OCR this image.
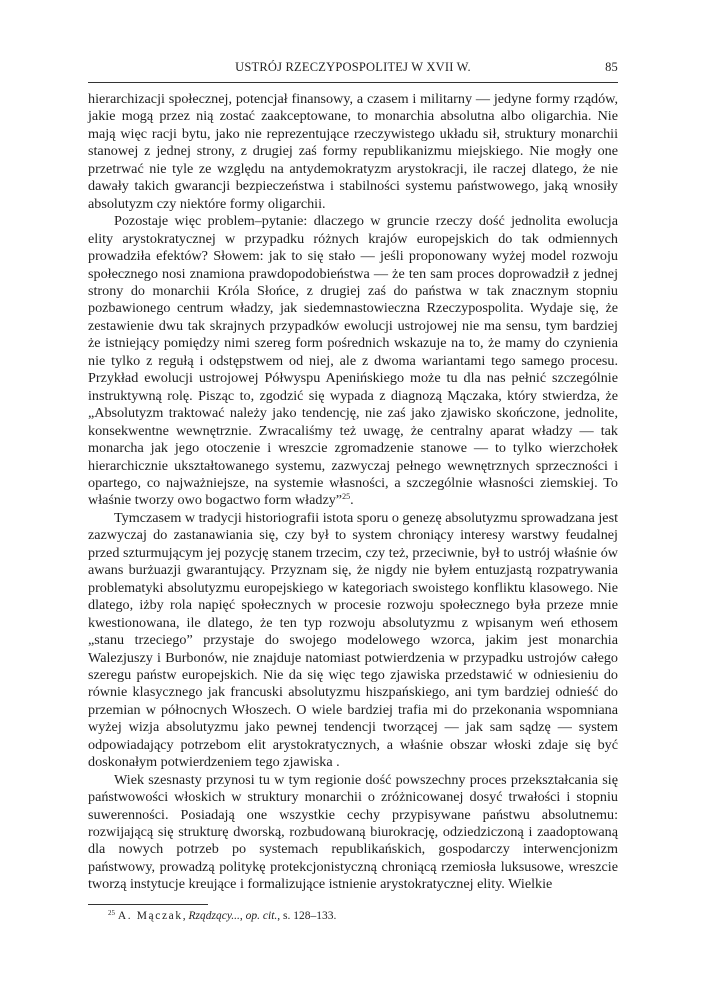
USTRÓJ RZECZYPOSPOLITEJ W XVII W.	85

hierarchizacji społecznej, potencjał finansowy, a czasem i militarny — jedyne formy rządów, jakie mogą przez nią zostać zaakceptowane, to monarchia absolutna albo oligarchia. Nie mają więc racji bytu, jako nie reprezentujące rzeczywistego układu sił, struktury monarchii stanowej z jednej strony, z drugiej zaś formy republikanizmu miejskiego. Nie mogły one przetrwać nie tyle ze względu na antydemokratyzm arystokracji, ile raczej dlatego, że nie dawały takich gwarancji bezpieczeństwa i stabilności systemu państwowego, jaką wnosiły absolutyzm czy niektóre formy oligarchii.

Pozostaje więc problem–pytanie: dlaczego w gruncie rzeczy dość jednolita ewolucja elity arystokratycznej w przypadku różnych krajów europejskich do tak odmiennych prowadziła efektów? Słowem: jak to się stało — jeśli proponowany wyżej model rozwoju społecznego nosi znamiona prawdopodobieństwa — że ten sam proces doprowadził z jednej strony do monarchii Króla Słońce, z drugiej zaś do państwa w tak znacznym stopniu pozbawionego centrum władzy, jak siedemnastowieczna Rzeczypospolita. Wydaje się, że zestawienie dwu tak skrajnych przypadków ewolucji ustrojowej nie ma sensu, tym bardziej że istniejący pomiędzy nimi szereg form pośrednich wskazuje na to, że mamy do czynienia nie tylko z regułą i odstępstwem od niej, ale z dwoma wariantami tego samego procesu. Przykład ewolucji ustrojowej Półwyspu Apenińskiego może tu dla nas pełnić szczególnie instruktywną rolę. Pisząc to, zgodzić się wypada z diagnozą Mączaka, który stwierdza, że „Absolutyzm traktować należy jako tendencję, nie zaś jako zjawisko skończone, jednolite, konsekwentne wewnętrznie. Zwracaliśmy też uwagę, że centralny aparat władzy — tak monarcha jak jego otoczenie i wreszcie zgromadzenie stanowe — to tylko wierzchołek hierarchicznie ukształtowanego systemu, zazwyczaj pełnego wewnętrznych sprzeczności i opartego, co najważniejsze, na systemie własności, a szczególnie własności ziemskiej. To właśnie tworzy owo bogactwo form władzy”$^{25}$.

Tymczasem w tradycji historiografii istota sporu o genezę absolutyzmu sprowadzana jest zazwyczaj do zastanawiania się, czy był to system chroniący interesy warstwy feudalnej przed szturmującym jej pozycję stanem trzecim, czy też, przeciwnie, był to ustrój właśnie ów awans burżuazji gwarantujący. Przyznam się, że nigdy nie byłem entuzjastą rozpatrywania problematyki absolutyzmu europejskiego w kategoriach swoistego konfliktu klasowego. Nie dlatego, iżby rola napięć społecznych w procesie rozwoju społecznego była przeze mnie kwestionowana, ile dlatego, że ten typ rozwoju absolutyzmu z wpisanym weń ethosem „stanu trzeciego” przystaje do swojego modelowego wzorca, jakim jest monarchia Walezjuszy i Burbonów, nie znajduje natomiast potwierdzenia w przypadku ustrojów całego szeregu państw europejskich. Nie da się więc tego zjawiska przedstawić w odniesieniu do równie klasycznego jak francuski absolutyzmu hiszpańskiego, ani tym bardziej odnieść do przemian w północnych Włoszech. O wiele bardziej trafia mi do przekonania wspomniana wyżej wizja absolutyzmu jako pewnej tendencji tworzącej — jak sam sądzę — system odpowiadający potrzebom elit arystokratycznych, a właśnie obszar włoski zdaje się być doskonałym potwierdzeniem tego zjawiska .

Wiek szesnasty przynosi tu w tym regionie dość powszechny proces przekształcania się państwowości włoskich w struktury monarchii o zróżnicowanej dosyć trwałości i stopniu suwerenności. Posiadają one wszystkie cechy przypisywane państwu absolutnemu: rozwijającą się strukturę dworską, rozbudowaną biurokrację, odziedziczoną i zaadoptowaną dla nowych potrzeb po systemach republikańskich, gospodarczy interwencjonizm państwowy, prowadzą politykę protekcjonistyczną chroniącą rzemiosła luksusowe, wreszcie tworzą instytucje kreujące i formalizujące istnienie arystokratycznej elity. Wielkie

$^{25}$ A. Mączak, Rządzący..., op. cit., s. 128–133.
